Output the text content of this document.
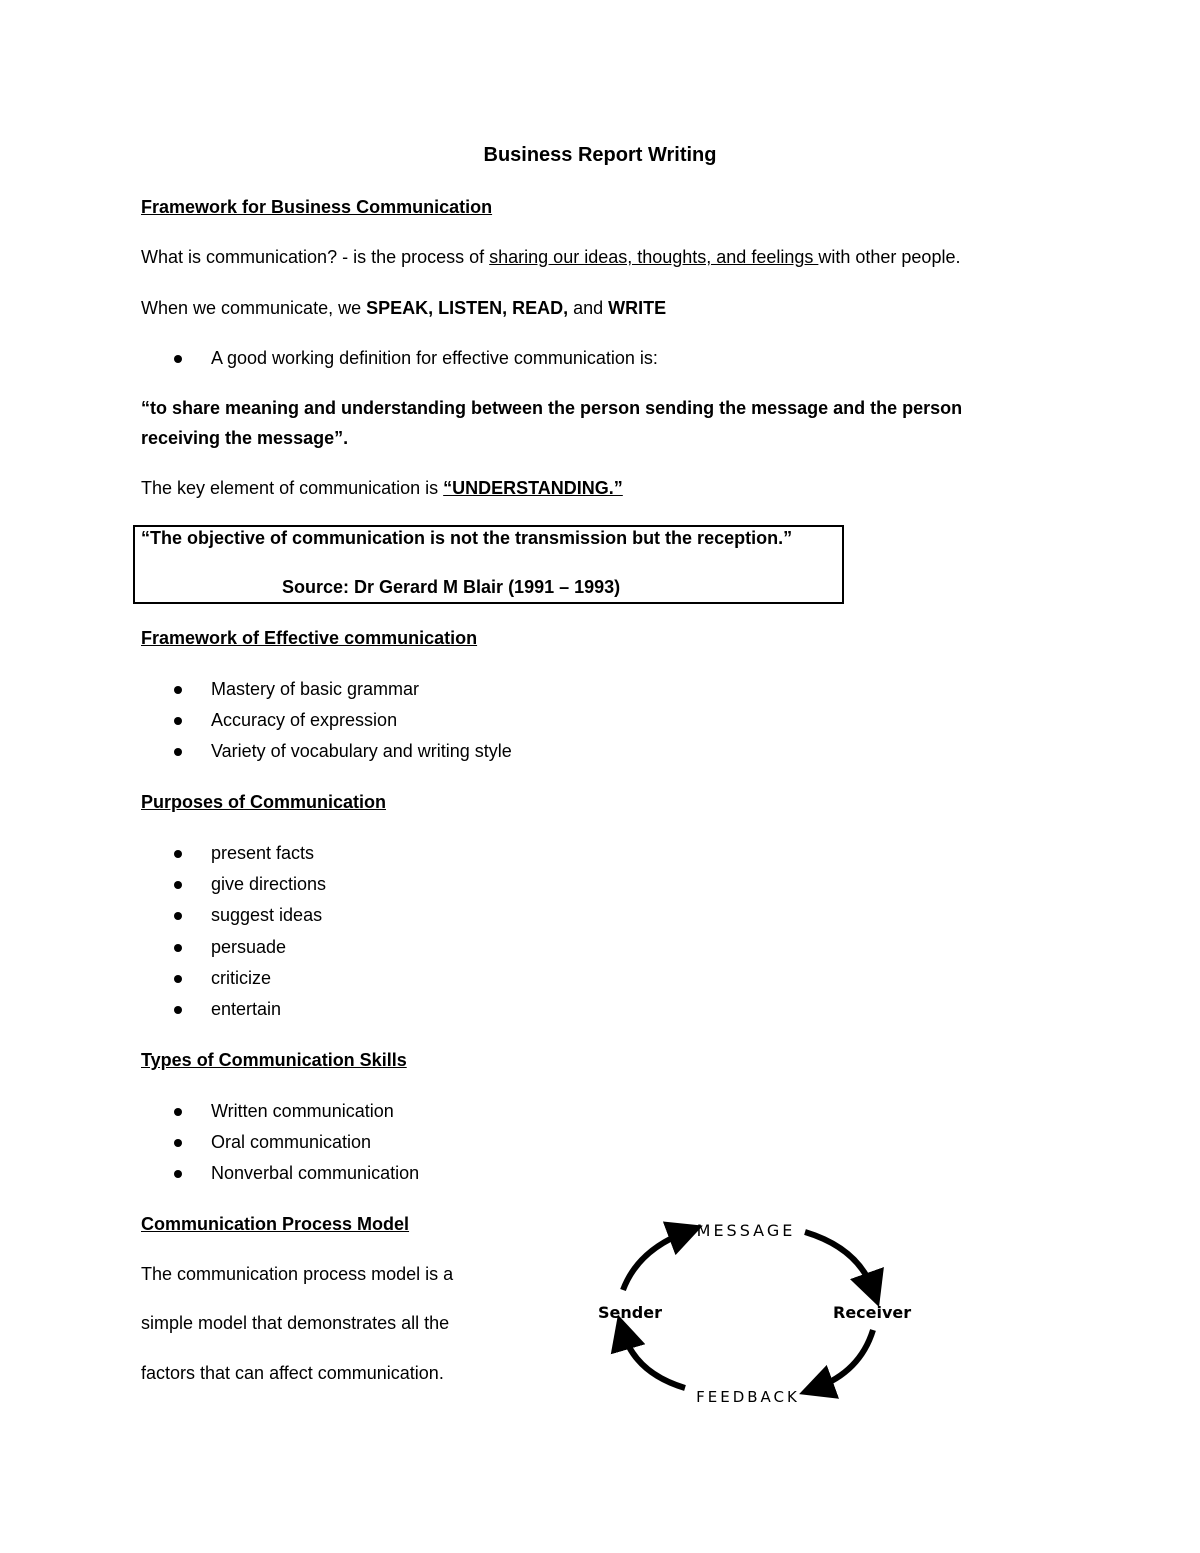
Business Report Writing
Framework for Business Communication
What is communication? - is the process of sharing our ideas, thoughts, and feelings with other people.
When we communicate, we SPEAK, LISTEN, READ, and WRITE
A good working definition for effective communication is:
“to share meaning and understanding between the person sending the message and the person
receiving the message”.
The key element of communication is “UNDERSTANDING.”
“The objective of communication is not the transmission but the reception.”
Source: Dr Gerard M Blair (1991 – 1993)
Framework of Effective communication
Mastery of basic grammar
Accuracy of expression
Variety of vocabulary and writing style
Purposes of Communication
present facts
give directions
suggest ideas
persuade
criticize
entertain
Types of Communication Skills
Written communication
Oral communication
Nonverbal communication
Communication Process Model
The communication process model is a
simple model that demonstrates all the
factors that can affect communication.
MESSAGE
FEEDBACK
Sender	Receiver
